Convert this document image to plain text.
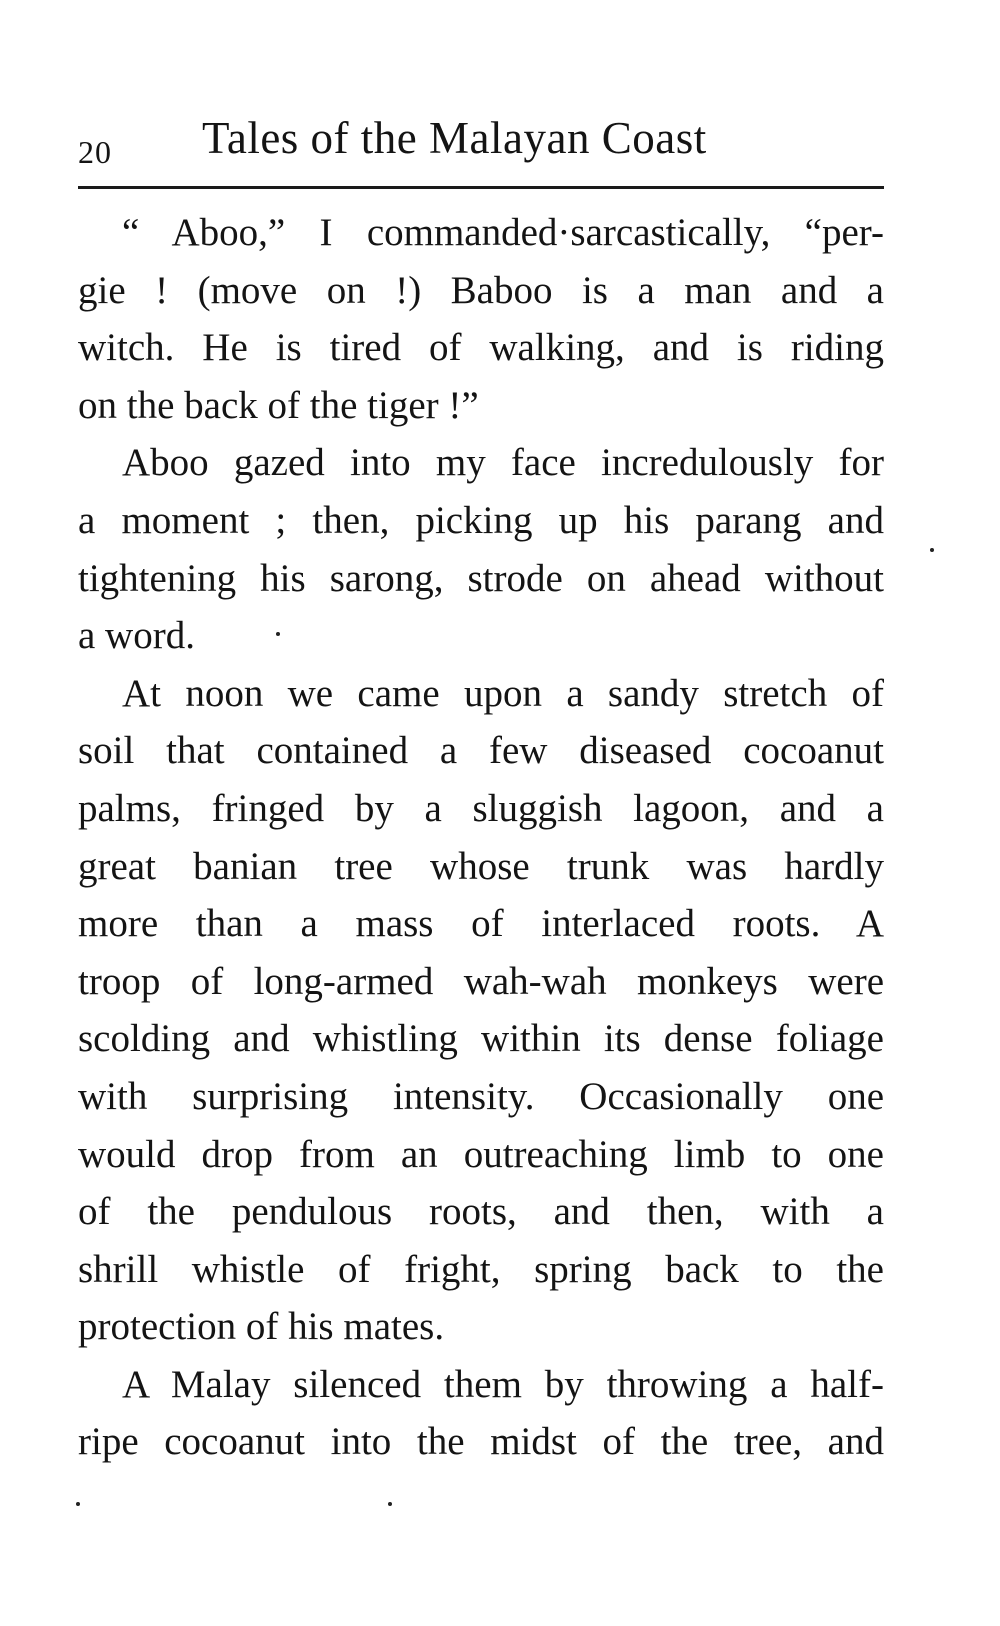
20 Tales of the Malayan Coast
“ Aboo,” I commanded·sarcastically, “per-
gie ! (move on !) Baboo is a man and a
witch. He is tired of walking, and is riding
on the back of the tiger !”
Aboo gazed into my face incredulously for
a moment ; then, picking up his parang and
tightening his sarong, strode on ahead without
a word.
At noon we came upon a sandy stretch of
soil that contained a few diseased cocoanut
palms, fringed by a sluggish lagoon, and a
great banian tree whose trunk was hardly
more than a mass of interlaced roots. A
troop of long-armed wah-wah monkeys were
scolding and whistling within its dense foliage
with surprising intensity. Occasionally one
would drop from an outreaching limb to one
of the pendulous roots, and then, with a
shrill whistle of fright, spring back to the
protection of his mates.
A Malay silenced them by throwing a half-
ripe cocoanut into the midst of the tree, and
